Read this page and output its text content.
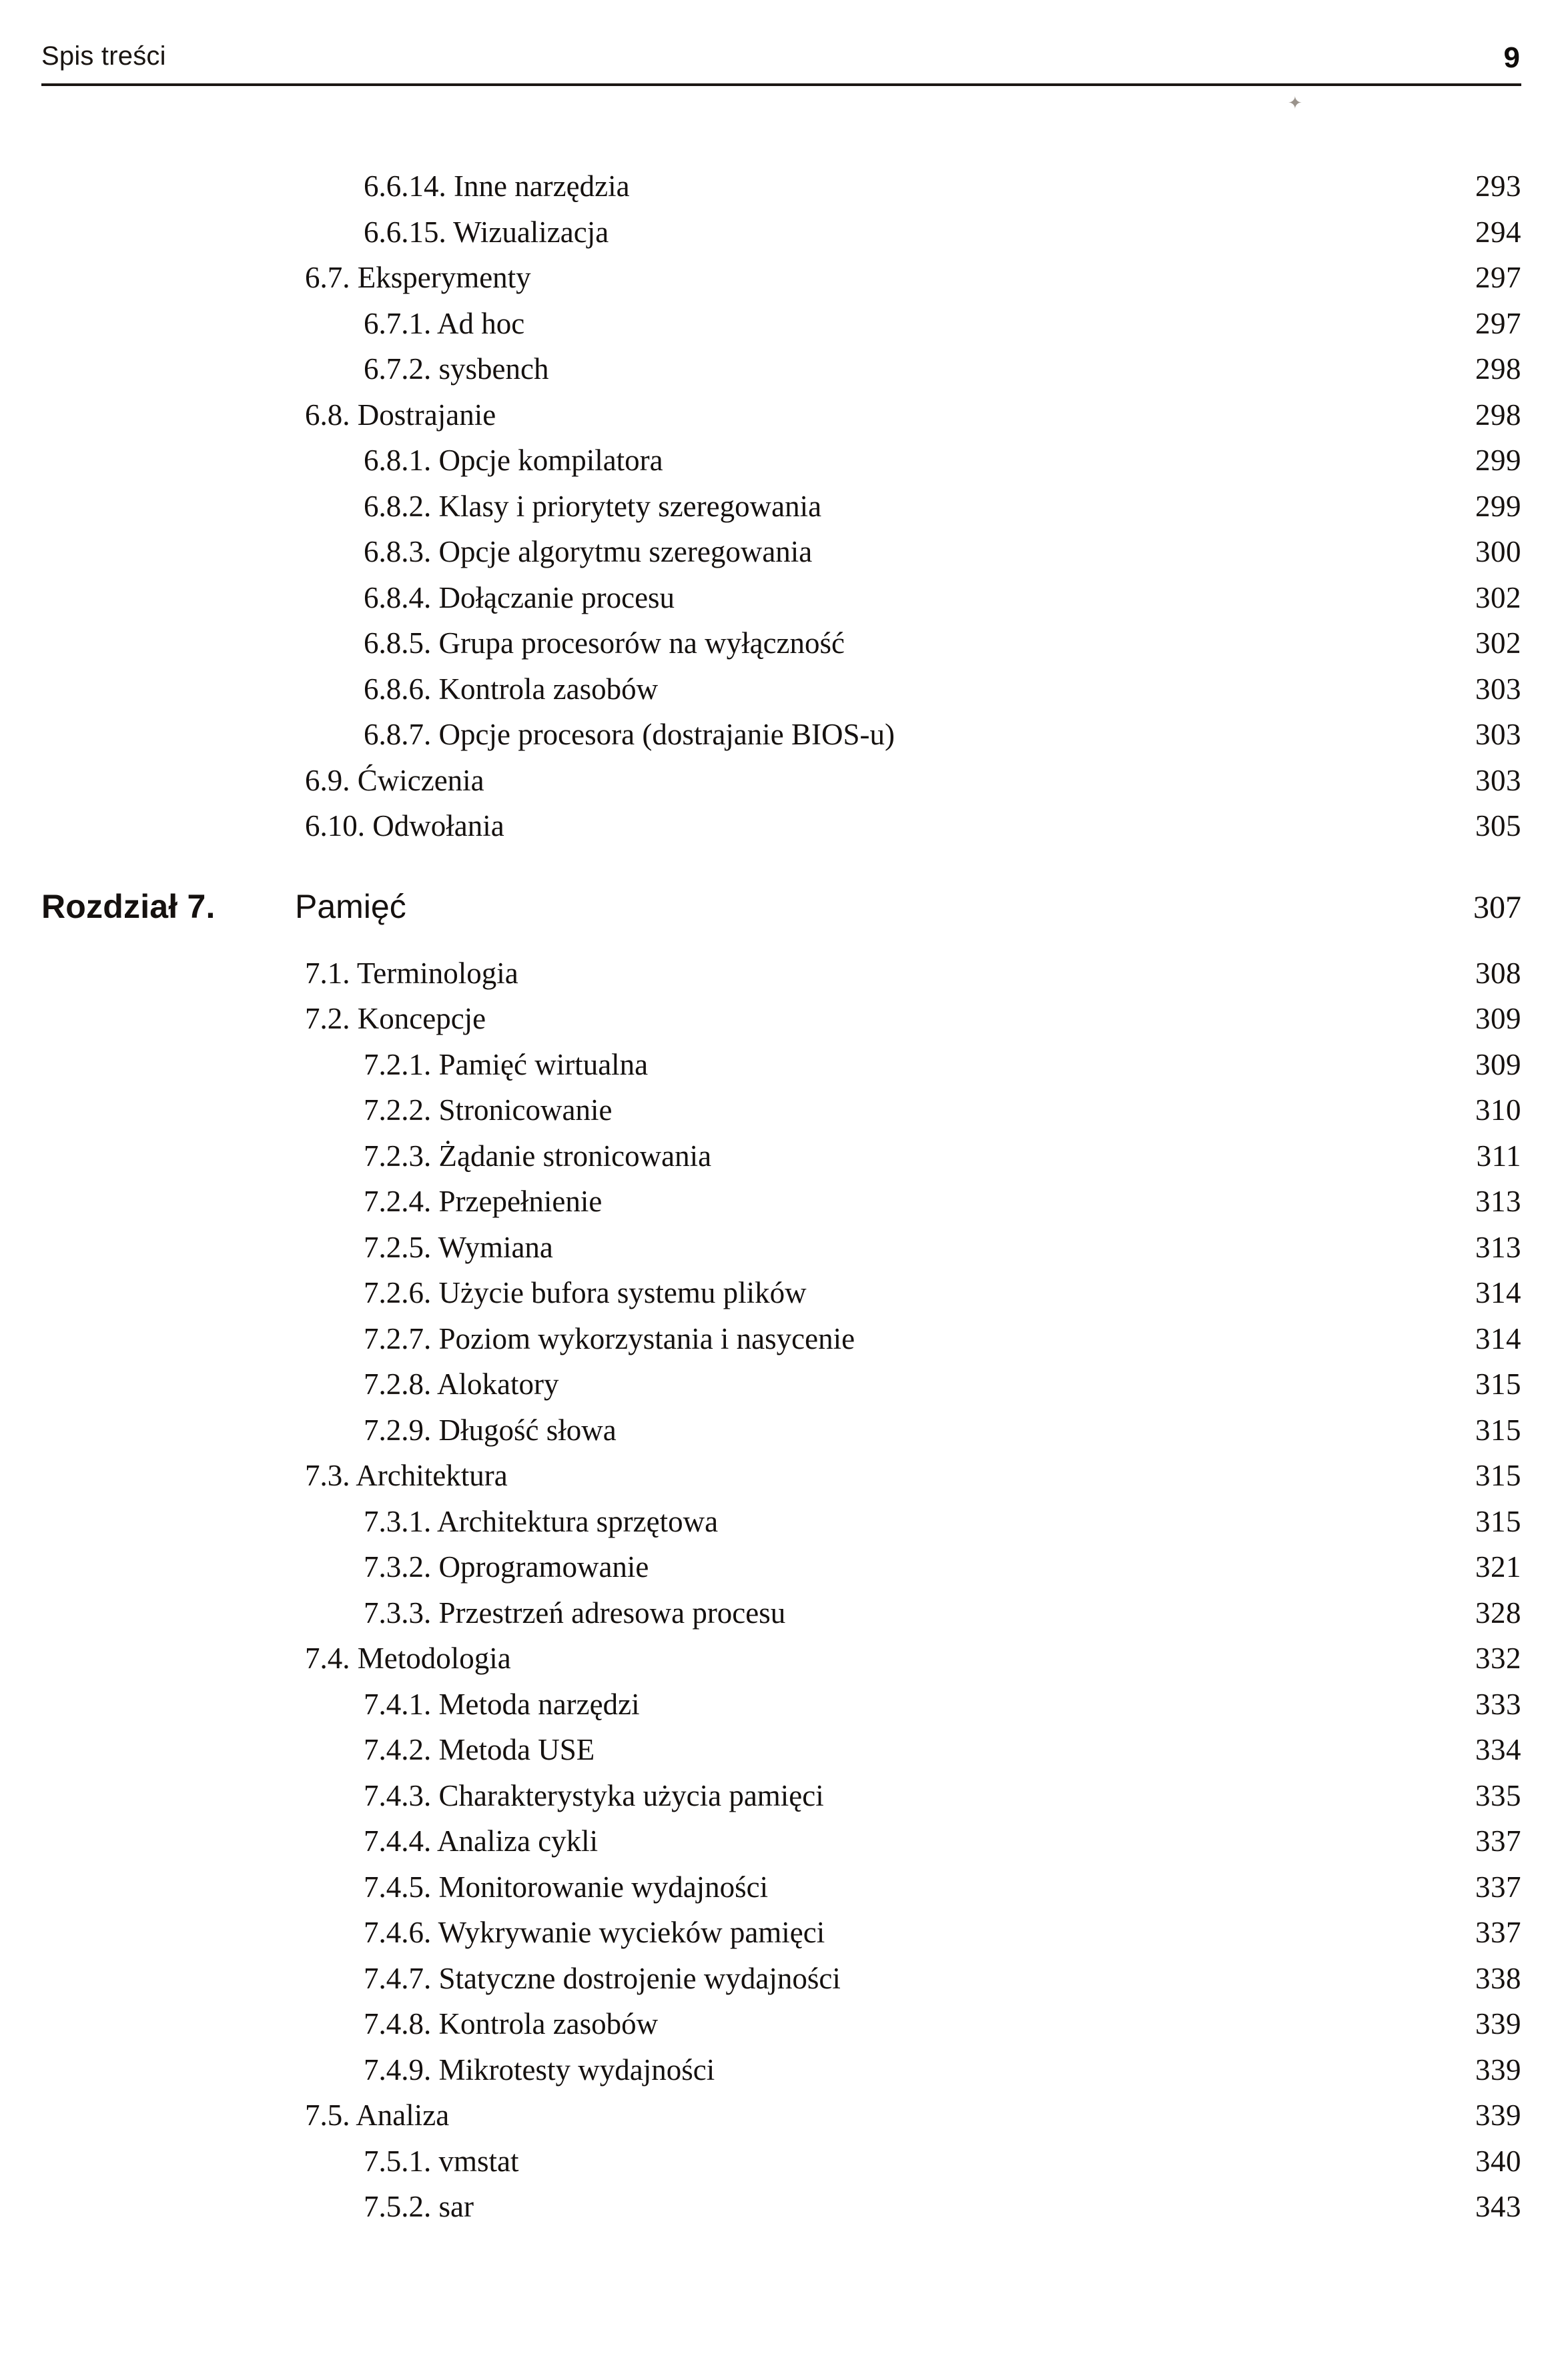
Spis treści	9
✦
6.6.14. Inne narzędzia	293
6.6.15. Wizualizacja	294
6.7. Eksperymenty	297
6.7.1. Ad hoc	297
6.7.2. sysbench	298
6.8. Dostrajanie	298
6.8.1. Opcje kompilatora	299
6.8.2. Klasy i priorytety szeregowania	299
6.8.3. Opcje algorytmu szeregowania	300
6.8.4. Dołączanie procesu	302
6.8.5. Grupa procesorów na wyłączność	302
6.8.6. Kontrola zasobów	303
6.8.7. Opcje procesora (dostrajanie BIOS-u)	303
6.9. Ćwiczenia	303
6.10. Odwołania	305
Rozdział 7.	Pamięć	307
7.1. Terminologia	308
7.2. Koncepcje	309
7.2.1. Pamięć wirtualna	309
7.2.2. Stronicowanie	310
7.2.3. Żądanie stronicowania	311
7.2.4. Przepełnienie	313
7.2.5. Wymiana	313
7.2.6. Użycie bufora systemu plików	314
7.2.7. Poziom wykorzystania i nasycenie	314
7.2.8. Alokatory	315
7.2.9. Długość słowa	315
7.3. Architektura	315
7.3.1. Architektura sprzętowa	315
7.3.2. Oprogramowanie	321
7.3.3. Przestrzeń adresowa procesu	328
7.4. Metodologia	332
7.4.1. Metoda narzędzi	333
7.4.2. Metoda USE	334
7.4.3. Charakterystyka użycia pamięci	335
7.4.4. Analiza cykli	337
7.4.5. Monitorowanie wydajności	337
7.4.6. Wykrywanie wycieków pamięci	337
7.4.7. Statyczne dostrojenie wydajności	338
7.4.8. Kontrola zasobów	339
7.4.9. Mikrotesty wydajności	339
7.5. Analiza	339
7.5.1. vmstat	340
7.5.2. sar	343
